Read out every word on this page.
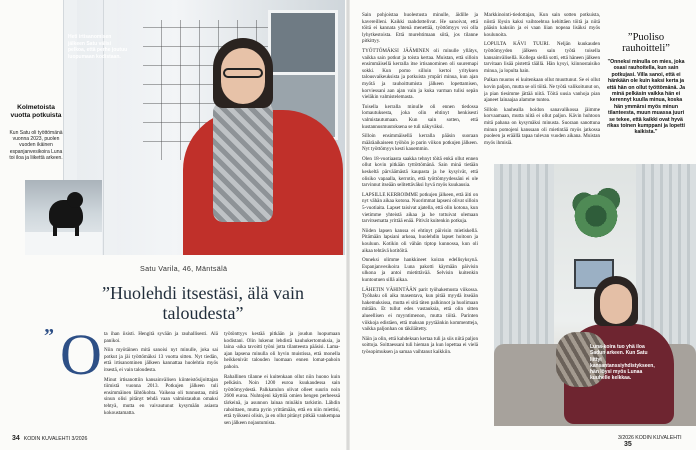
Heti irtisanomisen jälkeen Satu välisi pelkoa, että perhe joutuu luopumaan kodistaan.
Kolmetoista vuotta potkuista
Kun Satu oli työttömänä vuonna 2023, puolen vuoden ikäinen espanjanvesikoira Luna toi iloa ja liikettä arkeen.
Satu Varila, 46, Mäntsälä
”Huolehdi itsestäsi, älä vain taloudesta”
” O ta ihan iisisti. Hengitä syvään ja rauhallisesti. Älä panikoi.

Niin myötäinen mitä sanoisi nyt minulle, joka sai potkut ja jäi työttömäksi 13 vuotta sitten. Nyt tiedän, että irtisanominen jälkeen kannattaa huolehtia myös itsestä, ei vain taloudesta.

Minut irtisanottiin kansainvälisen kiinteistösijoittajan tiimistä vuonna 2013. Potkujen jälkeen tuli ensimmäinen lähtökohta. Vaikeaa oli tunnustaa, mitä sinun olisi pitänyt tehdä vaan valmistaudun omaksi tehtyä, mutta en vaivautunut kysymään asiasta kokoustamatta.

työtönttyys kestää pitkään ja joudun luopumaan kodistani. Olin lukenut lehdistä kauhukertomuksia, ja laina -aika tavoitti työni jotta tilanteesta pääsisi. Lama-ajan lapsena minulla oli hyvin muistissa, että monella heikkenivät talouden luomaan ennen lomat-pahoin pahoin.

Rahallinen tilanne ei kuitenkaan ollut niin huono kuin pelkäsin. Noin 1200 euroa kuukaudessa sain työttömyydestä. Palkkatulon olivat olleet suurin noin 2600 euroa. Nuhtojeni käyttöä omien hengen perheessä tärkeinä, ja asunnon lainaa minäkin tarkistin. Lähdin rahoittaen, mutta pyrin yrittämään, että en niin miettisi, että työkseni olisin, ja en ollut pitänyt pitkää vankempaa sen jälkeen nojautumista.

34 KODIN KUVALEHTI 3/2026

Sain pohjoistaa huolestusta minulle, äidille ja kavereilleni. Kaikki raahdottelivat. He sanoivat, että töitä ei kannata yhtenä menettää, työttömyys voi olla lyhytkestoista. Että murehtimaan siitä, jos tilanne pitkittyy.

TYÖTTÖMÄKSI JÄÄMINEN oli minulle yllätys, vaikka sain potkut ja toista kertaa. Muistan, että silloin ensimmäisellä kerralla itse irtisanominen oli suuremapi sokki. Kun pomo silloin kertoi yrityksen talousvaikeuksista ja potkuista ympäri minua, kun ajan myötä ja rauhoittumista jälkeen lopettamisen, korviessani aan ajan vain ja kuka varman tulisi sepän vieläkin valmistelemasta.

Toisella kerralla minulle oli ennen tiedossa lomautuksesta, joka olin ehtinyt henkisesti valmistautumaan. Kun sain sotten, että kustannusmuutoksena se tuli näkyväksi.

Silloin ensimmäisellä kerralla pääsin suoraan määräaikaiseen työhön jo parin viikon potkujen jälkeen. Nyt työttömyys kesti kauemmin.

Olen 18-vuotiaasta saakka tehnyt töitä enkä ollut ennen ollut kovin pitkään tyttöttömänä. Sain minä tietään keskeltä pärväämästä kaupasta ja he kysyivät, että olisiko vapaalla, kerrotin, että työttömyydessäni ei ole tarvinnut itseään selitettäväksi hyvä myös kuukausia.

LAPSILLE KERROIMME potkujen jälkeen, että äiti on nyt vähän aikaa kotona. Nuorimmat lapseni olivat silloin 5-vuotiaita. Lapset taisivat ajatella, että olin kotona, kun vietimme yhteistä aikaa ja he tottuivat olemaan tarvitsematta yrittää enää. Pitivät kuitenkin potkuja.

Niiden lapsen kanssa ei ehtinyt päivisin mietiskellä. Pitämään lapsiani arkeaa, huolehdin lapset hoitoon ja kouluun. Kotikin oli vähän tiptop kunnossa, kun oli aikaa tehtävä kotitöitä.

Onneksi olimme hankkineet koiran edellisyksynä. Espanjanvesikoira Luna pakotti käymään päivisin ulkona ja antoi mietittävää. Selvisin kuitenkin kuntoutuen sillä aikaa.

LÄHETIN VÄHINTÄÄN parit työhakemusta viikossa. Työhaku oli aika masentava, kun pitää myydä itseään hakemuksissa, mutta ei sitä täten palkinnot ja huolimaan mitään. Et tullut edes vastauksia, että olin sitten alueellisen ei myyntimenon, mutta töitä. Parinten viikkoja edistäen, että maksan pyytäänkin kommentteja, vaikka paljonhan on täkiläitetty.

Näin ja olin, että kahdeksan kertaa tuli ja siis niitä paljon soittoja. Soittaessani tuli hieman ja kun lopettaa ei vielä työsopimuksen ja samaa vaihtanut kaikkiin.

Markkinointi-tiedottajan, Kun sain sotten potkuista, niistä löysin kaksi vaihtoehtoa kehittäen töitä ja niitä pääsin kaksiin ja ei vaan liian nopeaa lisäksi myös koulunoita.

LOPULTA KÄVI TUURI. Neljän kuukauden työttömyyden jälkeen sain työtä toisella kansainvälisellä. Kollega siellä sotti, että häneen jälkeen tarvitaan lisää pistettä täällä. Hän kysyi, kiinnostaisiko minua, ja lopulta hain.

Palkan muutos ei kuitenkaan ollut muuttunut. Se ei ollut kovin paljon, mutta se oli töitä. Ne työtä valikoitunut on, ja pian tiesimme jättää niitä. Töitä uusia vanhoja pian ajaneet lainaajaa alamme tuntea.

Silloin kauhealla hoidon sanavalikossa jäimme korvaamaan, mutta niitä ei ollut paljon. Kävin huhtoon mitä pahana on kysymäksi minusta. Suoraan sanottuna minun pomojeni kanssaan oli mietintää myös jatkossa puoleen ja eräällä tapaa tulevan vuoden aikana. Muistan myös ihmisiä.

”Puoliso rauhoitteli”
”Onneksi minulla on mies, joka osasi rauhoitella, kun sain potkujasi. Villa sanoi, että ei hänkään ole kuin kaksi kerta ja että hän on ollut työttömänä. Ja minä pelkäsin vaikka hän ei kerennyt kuulla minua, koska hän ymmärsi myös minun tilanteesta, muun muassa juuri se tekee, että kaikki ovat hyvä rikas toinen kumppani ja lopetti kaikista.”
Luna-koira tuo yhä iloa Sadun arkeen. Kun Satu liittyi kansantanssiyhdistykseen, hän löysi myös Lunaa kuuhelle kelkkaa.
3/2026 KODIN KUVALEHTI 35
